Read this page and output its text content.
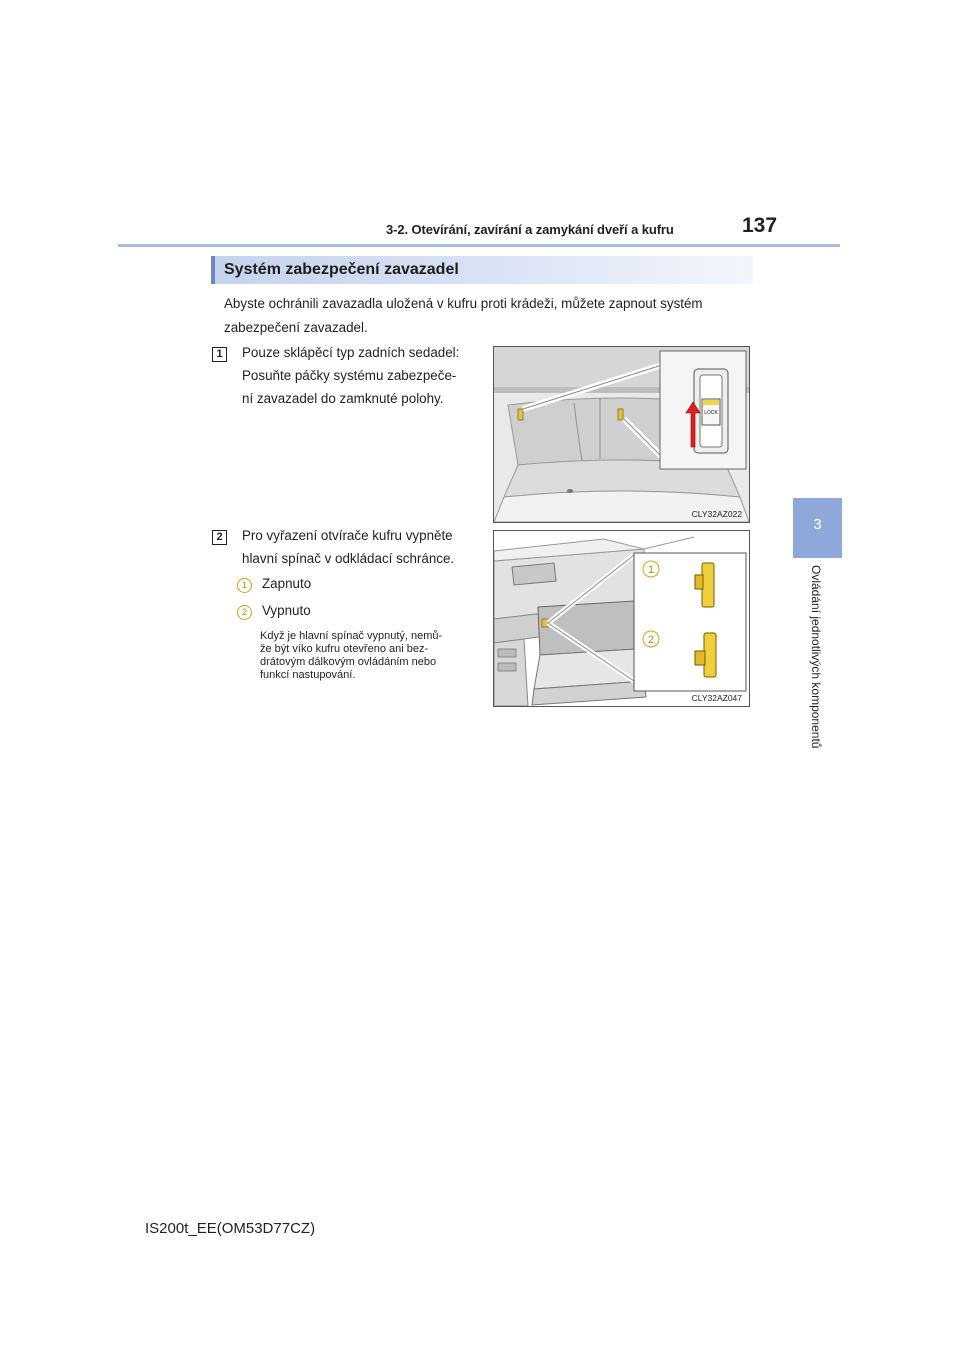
3-2. Otevírání, zavírání a zamykání dveří a kufru	137
3
Ovládání jednotlivých komponentů
Systém zabezpečení zavazadel
Abyste ochránili zavazadla uložená v kufru proti krádeži, můžete zapnout systém
zabezpečení zavazadel.
1	Pouze sklápěcí typ zadních sedadel:
Posuňte páčky systému zabezpeče-
ní zavazadel do zamknuté polohy.
LOCK
CLY32AZ022
2	Pro vyřazení otvírače kufru vypněte
hlavní spínač v odkládací schránce.
1	Zapnuto
2	Vypnuto
Když je hlavní spínač vypnutý, nemů-
že být víko kufru otevřeno ani bez-
drátovým dálkovým ovládáním nebo
funkcí nastupování.
1
2
CLY32AZ047
IS200t_EE(OM53D77CZ)
